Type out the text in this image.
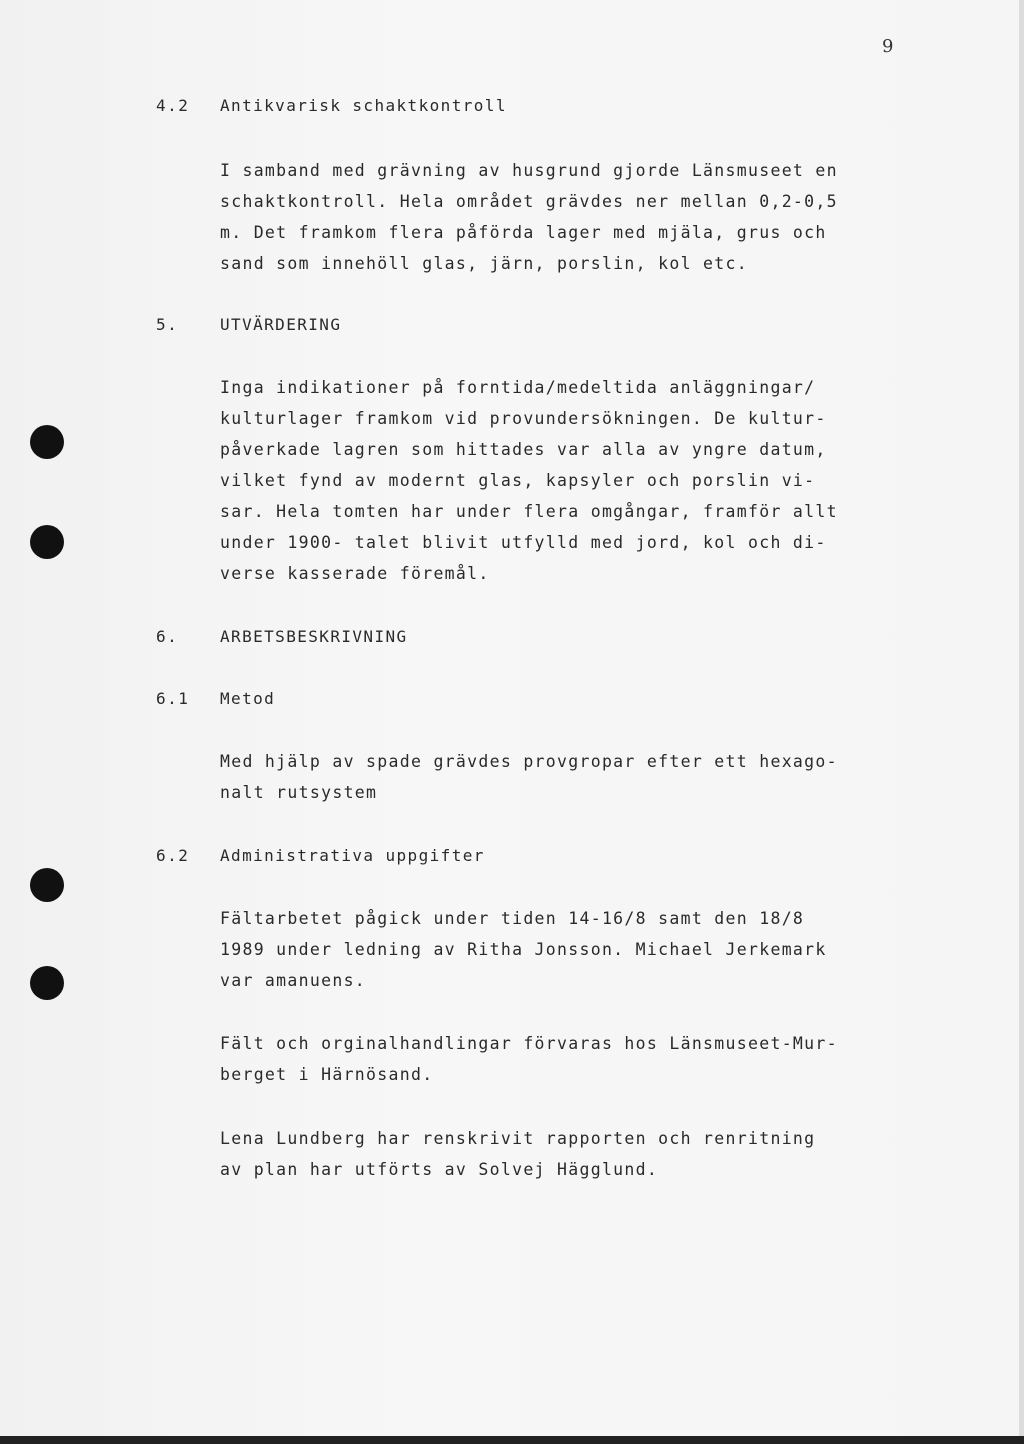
9
4.2 Antikvarisk schaktkontroll
I samband med grävning av husgrund gjorde Länsmuseet en
schaktkontroll. Hela området grävdes ner mellan 0,2-0,5
m. Det framkom flera påförda lager med mjäla, grus och
sand som innehöll glas, järn, porslin, kol etc.
5.	UTVÄRDERING
Inga indikationer på forntida/medeltida anläggningar/
kulturlager framkom vid provundersökningen. De kultur-
påverkade lagren som hittades var alla av yngre datum,
vilket fynd av modernt glas, kapsyler och porslin vi-
sar. Hela tomten har under flera omgångar, framför allt
under 1900- talet blivit utfylld med jord, kol och di-
verse kasserade föremål.
6.	ARBETSBESKRIVNING
6.1 Metod
Med hjälp av spade grävdes provgropar efter ett hexago-
nalt rutsystem
6.2 Administrativa uppgifter
Fältarbetet pågick under tiden 14-16/8 samt den 18/8
1989 under ledning av Ritha Jonsson. Michael Jerkemark
var amanuens.
Fält och orginalhandlingar förvaras hos Länsmuseet-Mur-
berget i Härnösand.
Lena Lundberg har renskrivit rapporten och renritning
av plan har utförts av Solvej Hägglund.
